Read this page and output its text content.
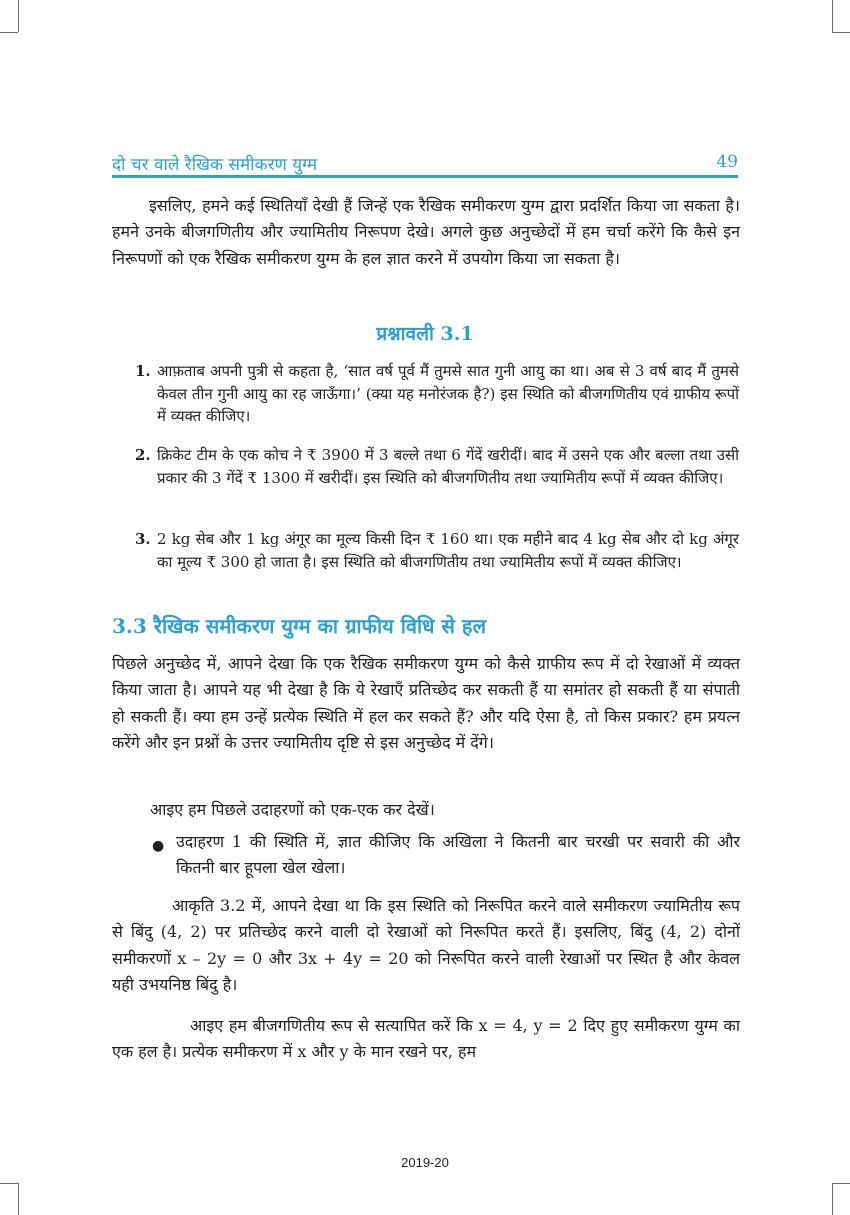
दो चर वाले रैखिक समीकरण युग्म	49

इसलिए, हमने कई स्थितियाँ देखी हैं जिन्हें एक रैखिक समीकरण युग्म द्वारा प्रदर्शित किया जा सकता है। हमने उनके बीजगणितीय और ज्यामितीय निरूपण देखे। अगले कुछ अनुच्छेदों में हम चर्चा करेंगे कि कैसे इन निरूपणों को एक रैखिक समीकरण युग्म के हल ज्ञात करने में उपयोग किया जा सकता है।

प्रश्नावली 3.1
1. आफ़ताब अपनी पुत्री से कहता है, ‘सात वर्ष पूर्व मैं तुमसे सात गुनी आयु का था। अब से 3 वर्ष बाद मैं तुमसे केवल तीन गुनी आयु का रह जाऊँगा।’ (क्या यह मनोरंजक है?) इस स्थिति को बीजगणितीय एवं ग्राफीय रूपों में व्यक्त कीजिए।
2. क्रिकेट टीम के एक कोच ने ₹ 3900 में 3 बल्ले तथा 6 गेंदें खरीदीं। बाद में उसने एक और बल्ला तथा उसी प्रकार की 3 गेंदें ₹ 1300 में खरीदीं। इस स्थिति को बीजगणितीय तथा ज्यामितीय रूपों में व्यक्त कीजिए।
3. 2 kg सेब और 1 kg अंगूर का मूल्य किसी दिन ₹ 160 था। एक महीने बाद 4 kg सेब और दो kg अंगूर का मूल्य ₹ 300 हो जाता है। इस स्थिति को बीजगणितीय तथा ज्यामितीय रूपों में व्यक्त कीजिए।
3.3 रैखिक समीकरण युग्म का ग्राफीय विधि से हल

पिछले अनुच्छेद में, आपने देखा कि एक रैखिक समीकरण युग्म को कैसे ग्राफीय रूप में दो रेखाओं में व्यक्त किया जाता है। आपने यह भी देखा है कि ये रेखाएँ प्रतिच्छेद कर सकती हैं या समांतर हो सकती हैं या संपाती हो सकती हैं। क्या हम उन्हें प्रत्येक स्थिति में हल कर सकते हैं? और यदि ऐसा है, तो किस प्रकार? हम प्रयत्न करेंगे और इन प्रश्नों के उत्तर ज्यामितीय दृष्टि से इस अनुच्छेद में देंगे।

आइए हम पिछले उदाहरणों को एक-एक कर देखें।

● उदाहरण 1 की स्थिति में, ज्ञात कीजिए कि अखिला ने कितनी बार चरखी पर सवारी की और कितनी बार हूपला खेल खेला।

आकृति 3.2 में, आपने देखा था कि इस स्थिति को निरूपित करने वाले समीकरण ज्यामितीय रूप से बिंदु (4, 2) पर प्रतिच्छेद करने वाली दो रेखाओं को निरूपित करते हैं। इसलिए, बिंदु (4, 2) दोनों समीकरणों x – 2y = 0 और 3x + 4y = 20 को निरूपित करने वाली रेखाओं पर स्थित है और केवल यही उभयनिष्ठ बिंदु है।

आइए हम बीजगणितीय रूप से सत्यापित करें कि x = 4, y = 2 दिए हुए समीकरण युग्म का एक हल है। प्रत्येक समीकरण में x और y के मान रखने पर, हम

2019-20
